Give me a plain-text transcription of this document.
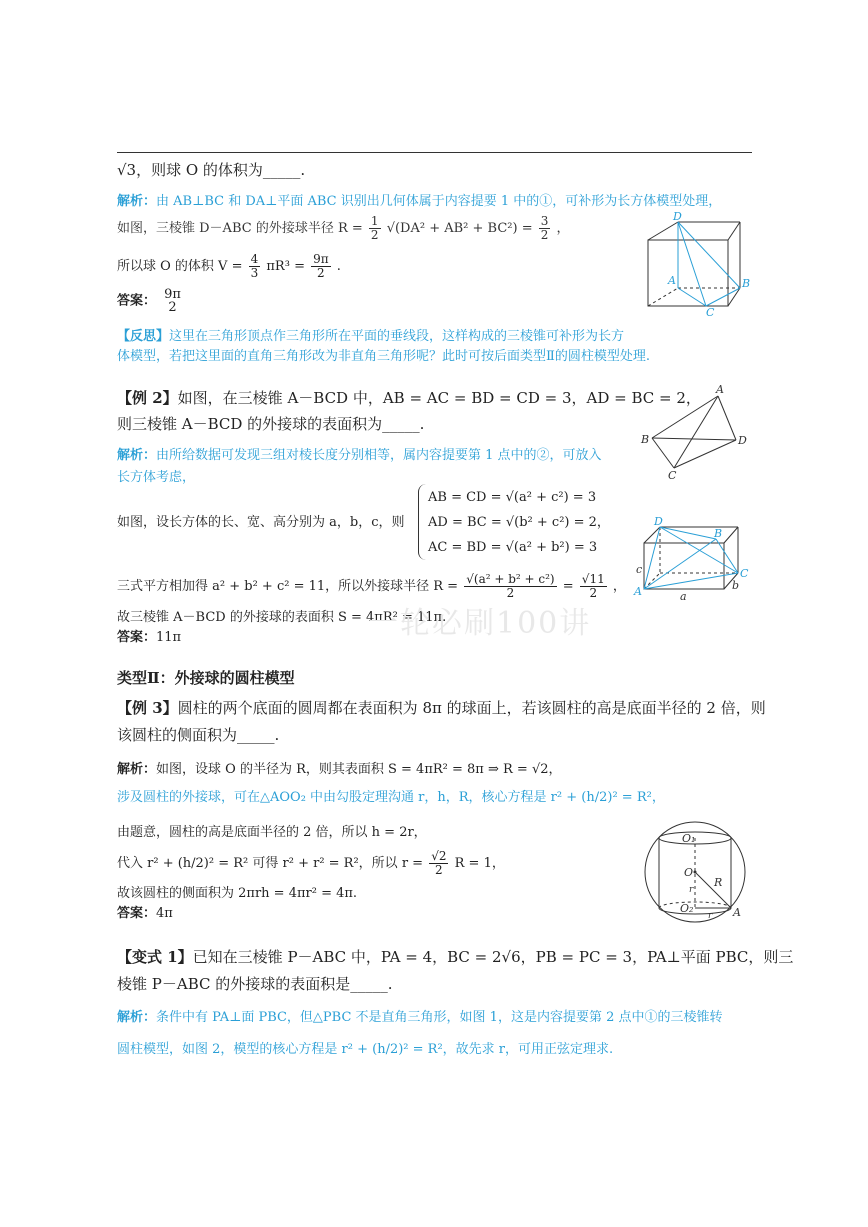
√3，则球 O 的体积为_____.
解析：由 AB⊥BC 和 DA⊥平面 ABC 识别出几何体属于内容提要 1 中的①，可补形为长方体模型处理，
如图，三棱锥 D－ABC 的外接球半径 $R = \frac{1}{2} √(DA^2 + AB^2 + BC^2) = \frac{3}{2}$ ，
所以球 O 的体积 $V = \frac{4}{3} \pi R^3 = \frac{9\pi}{2}$ .
答案： 9π
2
D
A	B
C
【反思】这里在三角形顶点作三角形所在平面的垂线段，这样构成的三棱锥可补形为长方
体模型，若把这里面的直角三角形改为非直角三角形呢？此时可按后面类型Ⅱ的圆柱模型处理.
【例 2】如图，在三棱锥 A－BCD 中，AB = AC = BD = CD = 3，AD = BC = 2，
则三棱锥 A－BCD 的外接球的表面积为_____.
A
B
C
D
解析：由所给数据可发现三组对棱长度分别相等，属内容提要第 1 点中的②，可放入
长方体考虑，
如图，设长方体的长、宽、高分别为 a，b，c，则
AB = CD = √(a² + c²) = 3
AD = BC = √(b² + c²) = 2，
AC = BD = √(a² + b²) = 3
D
B
C
A	a
b
c
三式平方相加得 a² + b² + c² = 11，所以外接球半径 $R = \frac{\text{√(a² + b² + c²)}}{2} = \frac{√11}{2}$ ，
故三棱锥 A－BCD 的外接球的表面积 S = 4πR² = 11π.
答案：11π	一轮必刷100讲
类型Ⅱ：外接球的圆柱模型
【例 3】圆柱的两个底面的圆周都在表面积为 8π 的球面上，若该圆柱的高是底面半径的 2 倍，则
该圆柱的侧面积为_____.
解析：如图，设球 O 的半径为 R，则其表面积 S = 4πR² = 8π ⇒ R = √2，
涉及圆柱的外接球，可在△AOO₂ 中由勾股定理沟通 r，h，R，核心方程是 r² + (h/2)² = R²，
由题意，圆柱的高是底面半径的 2 倍，所以 h = 2r，
代入 r² + (h/2)² = R² 可得 r² + r² = R²，所以 $r = \frac{√2}{2}$ R = 1，
故该圆柱的侧面积为 2πrh = 4πr² = 4π.
答案：4π
O₁
O
r
R
O₂
r A
【变式 1】已知在三棱锥 P－ABC 中，PA = 4，BC = 2√6，PB = PC = 3，PA⊥平面 PBC，则三
棱锥 P－ABC 的外接球的表面积是_____.
解析：条件中有 PA⊥面 PBC，但△PBC 不是直角三角形，如图 1，这是内容提要第 2 点中①的三棱锥转
圆柱模型，如图 2，模型的核心方程是 r² + (h/2)² = R²，故先求 r，可用正弦定理求.
